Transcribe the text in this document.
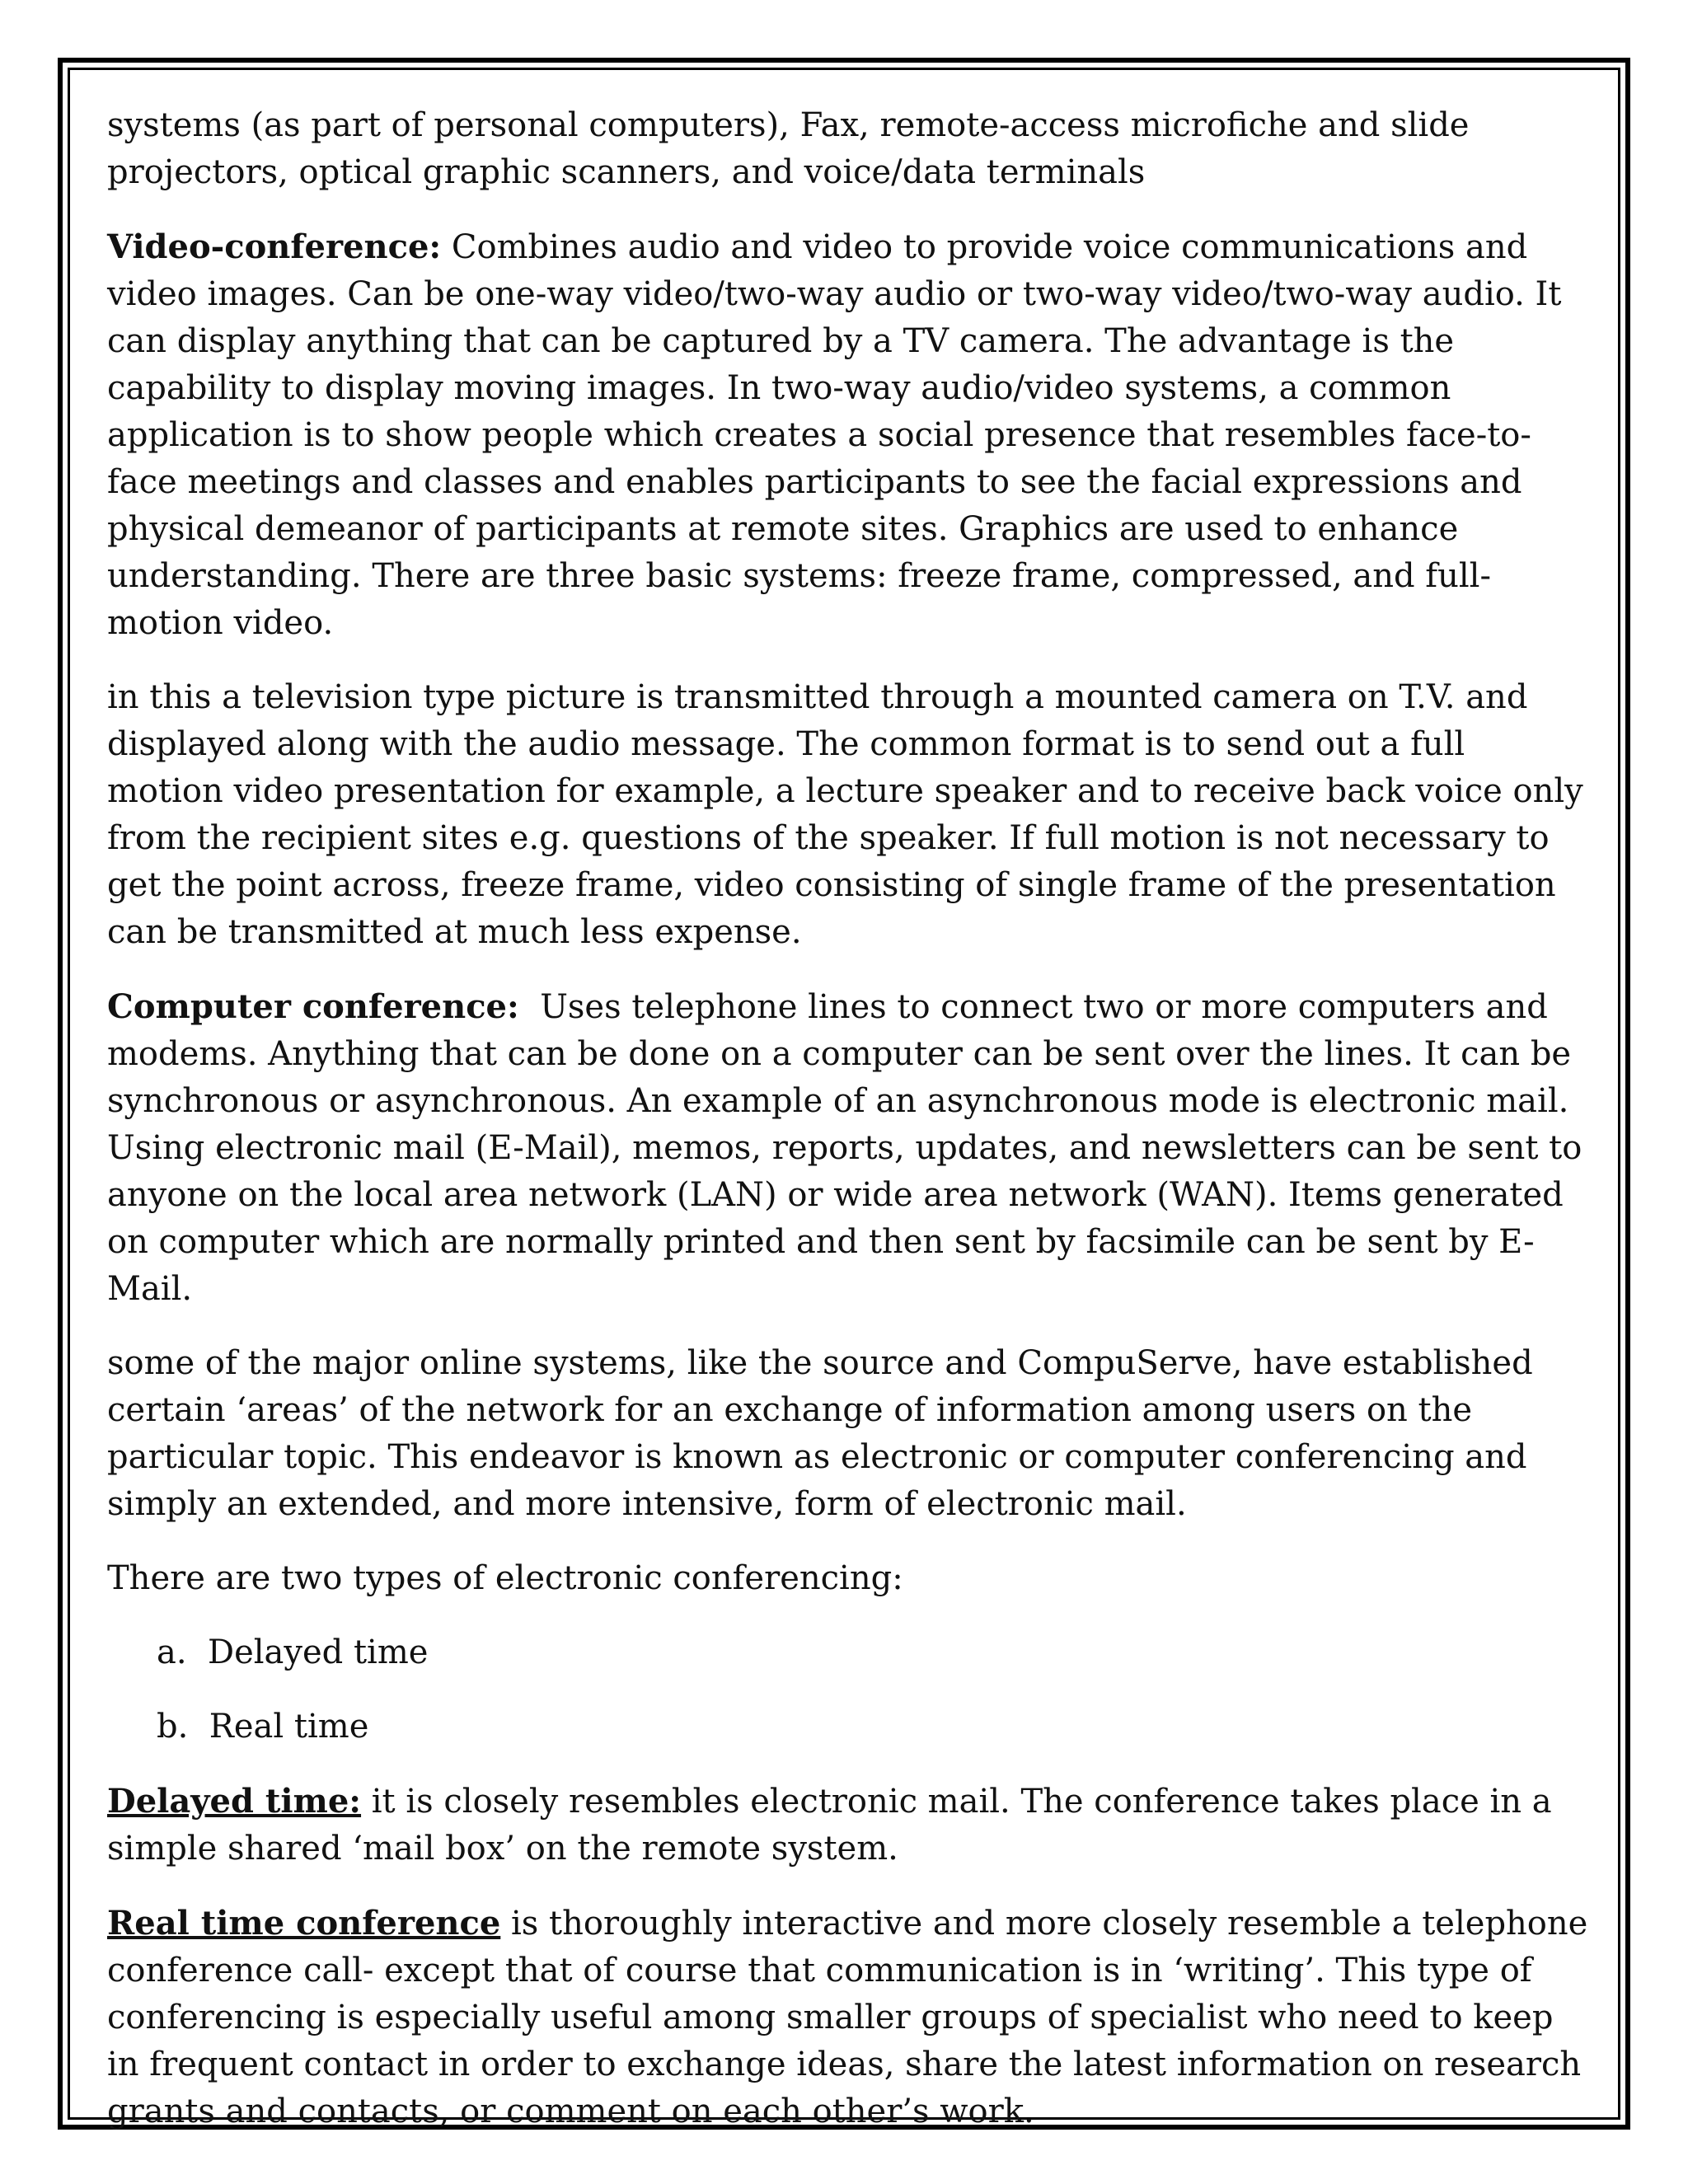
systems (as part of personal computers), Fax, remote-access microfiche and slide projectors, optical graphic scanners, and voice/data terminals

Video-conference: Combines audio and video to provide voice communications and video images. Can be one-way video/two-way audio or two-way video/two-way audio. It can display anything that can be captured by a TV camera. The advantage is the capability to display moving images. In two-way audio/video systems, a common application is to show people which creates a social presence that resembles face-to-face meetings and classes and enables participants to see the facial expressions and physical demeanor of participants at remote sites. Graphics are used to enhance understanding. There are three basic systems: freeze frame, compressed, and full-motion video.

in this a television type picture is transmitted through a mounted camera on T.V. and displayed along with the audio message. The common format is to send out a full motion video presentation for example, a lecture speaker and to receive back voice only from the recipient sites e.g. questions of the speaker. If full motion is not necessary to get the point across, freeze frame, video consisting of single frame of the presentation can be transmitted at much less expense.

Computer conference:  Uses telephone lines to connect two or more computers and modems. Anything that can be done on a computer can be sent over the lines. It can be synchronous or asynchronous. An example of an asynchronous mode is electronic mail. Using electronic mail (E-Mail), memos, reports, updates, and newsletters can be sent to anyone on the local area network (LAN) or wide area network (WAN). Items generated on computer which are normally printed and then sent by facsimile can be sent by E-Mail.

some of the major online systems, like the source and CompuServe, have established certain ‘areas’ of the network for an exchange of information among users on the particular topic. This endeavor is known as electronic or computer conferencing and simply an extended, and more intensive, form of electronic mail.

There are two types of electronic conferencing:

a.  Delayed time
b.  Real time

Delayed time: it is closely resembles electronic mail. The conference takes place in a simple shared ‘mail box’ on the remote system.

Real time conference is thoroughly interactive and more closely resemble a telephone conference call- except that of course that communication is in ‘writing’. This type of conferencing is especially useful among smaller groups of specialist who need to keep in frequent contact in order to exchange ideas, share the latest information on research grants and contacts, or comment on each other’s work.
